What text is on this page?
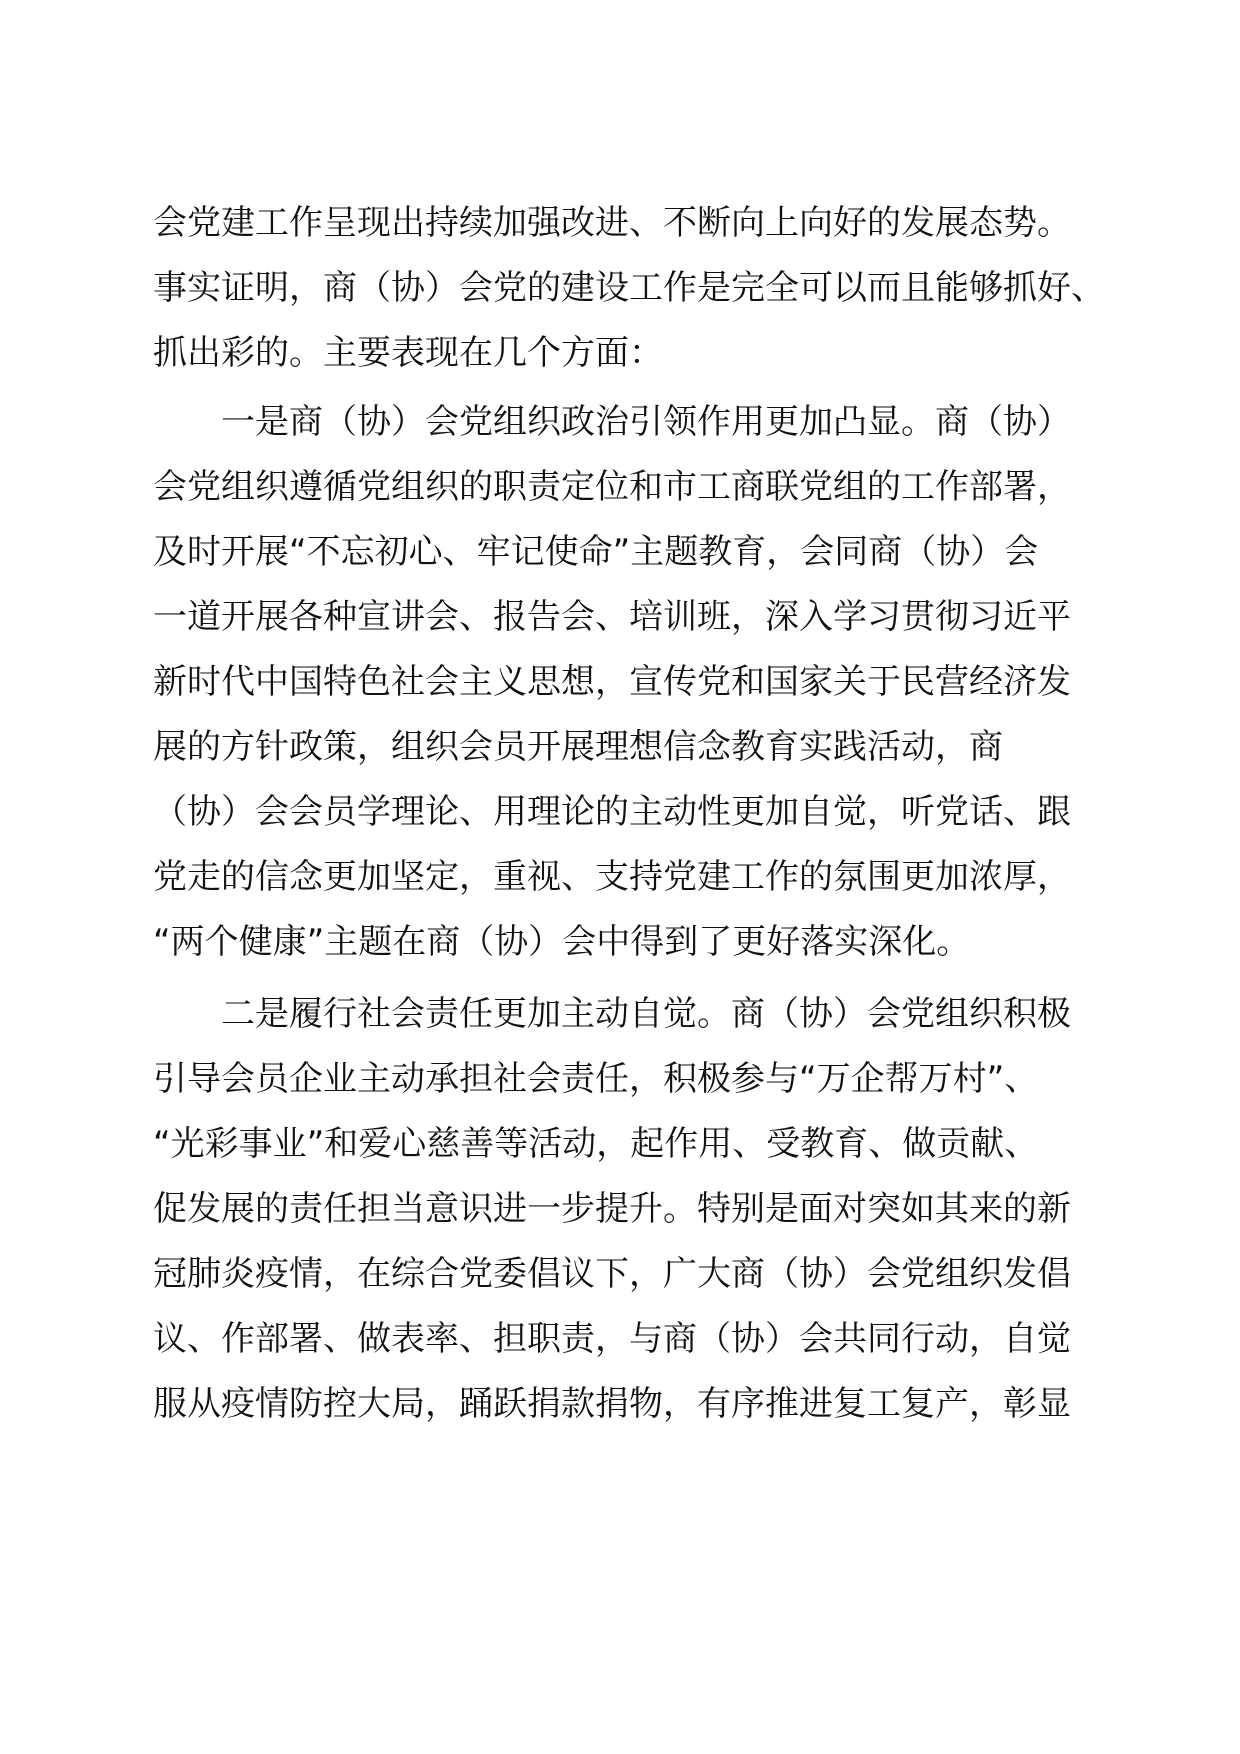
会党建工作呈现出持续加强改进、不断向上向好的发展态势。
事实证明，商（协）会党的建设工作是完全可以而且能够抓好、
抓出彩的。主要表现在几个方面：
一是商（协）会党组织政治引领作用更加凸显。商（协）
会党组织遵循党组织的职责定位和市工商联党组的工作部署，
及时开展“不忘初心、牢记使命”主题教育，会同商（协）会
一道开展各种宣讲会、报告会、培训班，深入学习贯彻习近平
新时代中国特色社会主义思想，宣传党和国家关于民营经济发
展的方针政策，组织会员开展理想信念教育实践活动，商
（协）会会员学理论、用理论的主动性更加自觉，听党话、跟
党走的信念更加坚定，重视、支持党建工作的氛围更加浓厚，
“两个健康”主题在商（协）会中得到了更好落实深化。
二是履行社会责任更加主动自觉。商（协）会党组织积极
引导会员企业主动承担社会责任，积极参与“万企帮万村”、
“光彩事业”和爱心慈善等活动，起作用、受教育、做贡献、
促发展的责任担当意识进一步提升。特别是面对突如其来的新
冠肺炎疫情，在综合党委倡议下，广大商（协）会党组织发倡
议、作部署、做表率、担职责，与商（协）会共同行动，自觉
服从疫情防控大局，踊跃捐款捐物，有序推进复工复产，彰显
